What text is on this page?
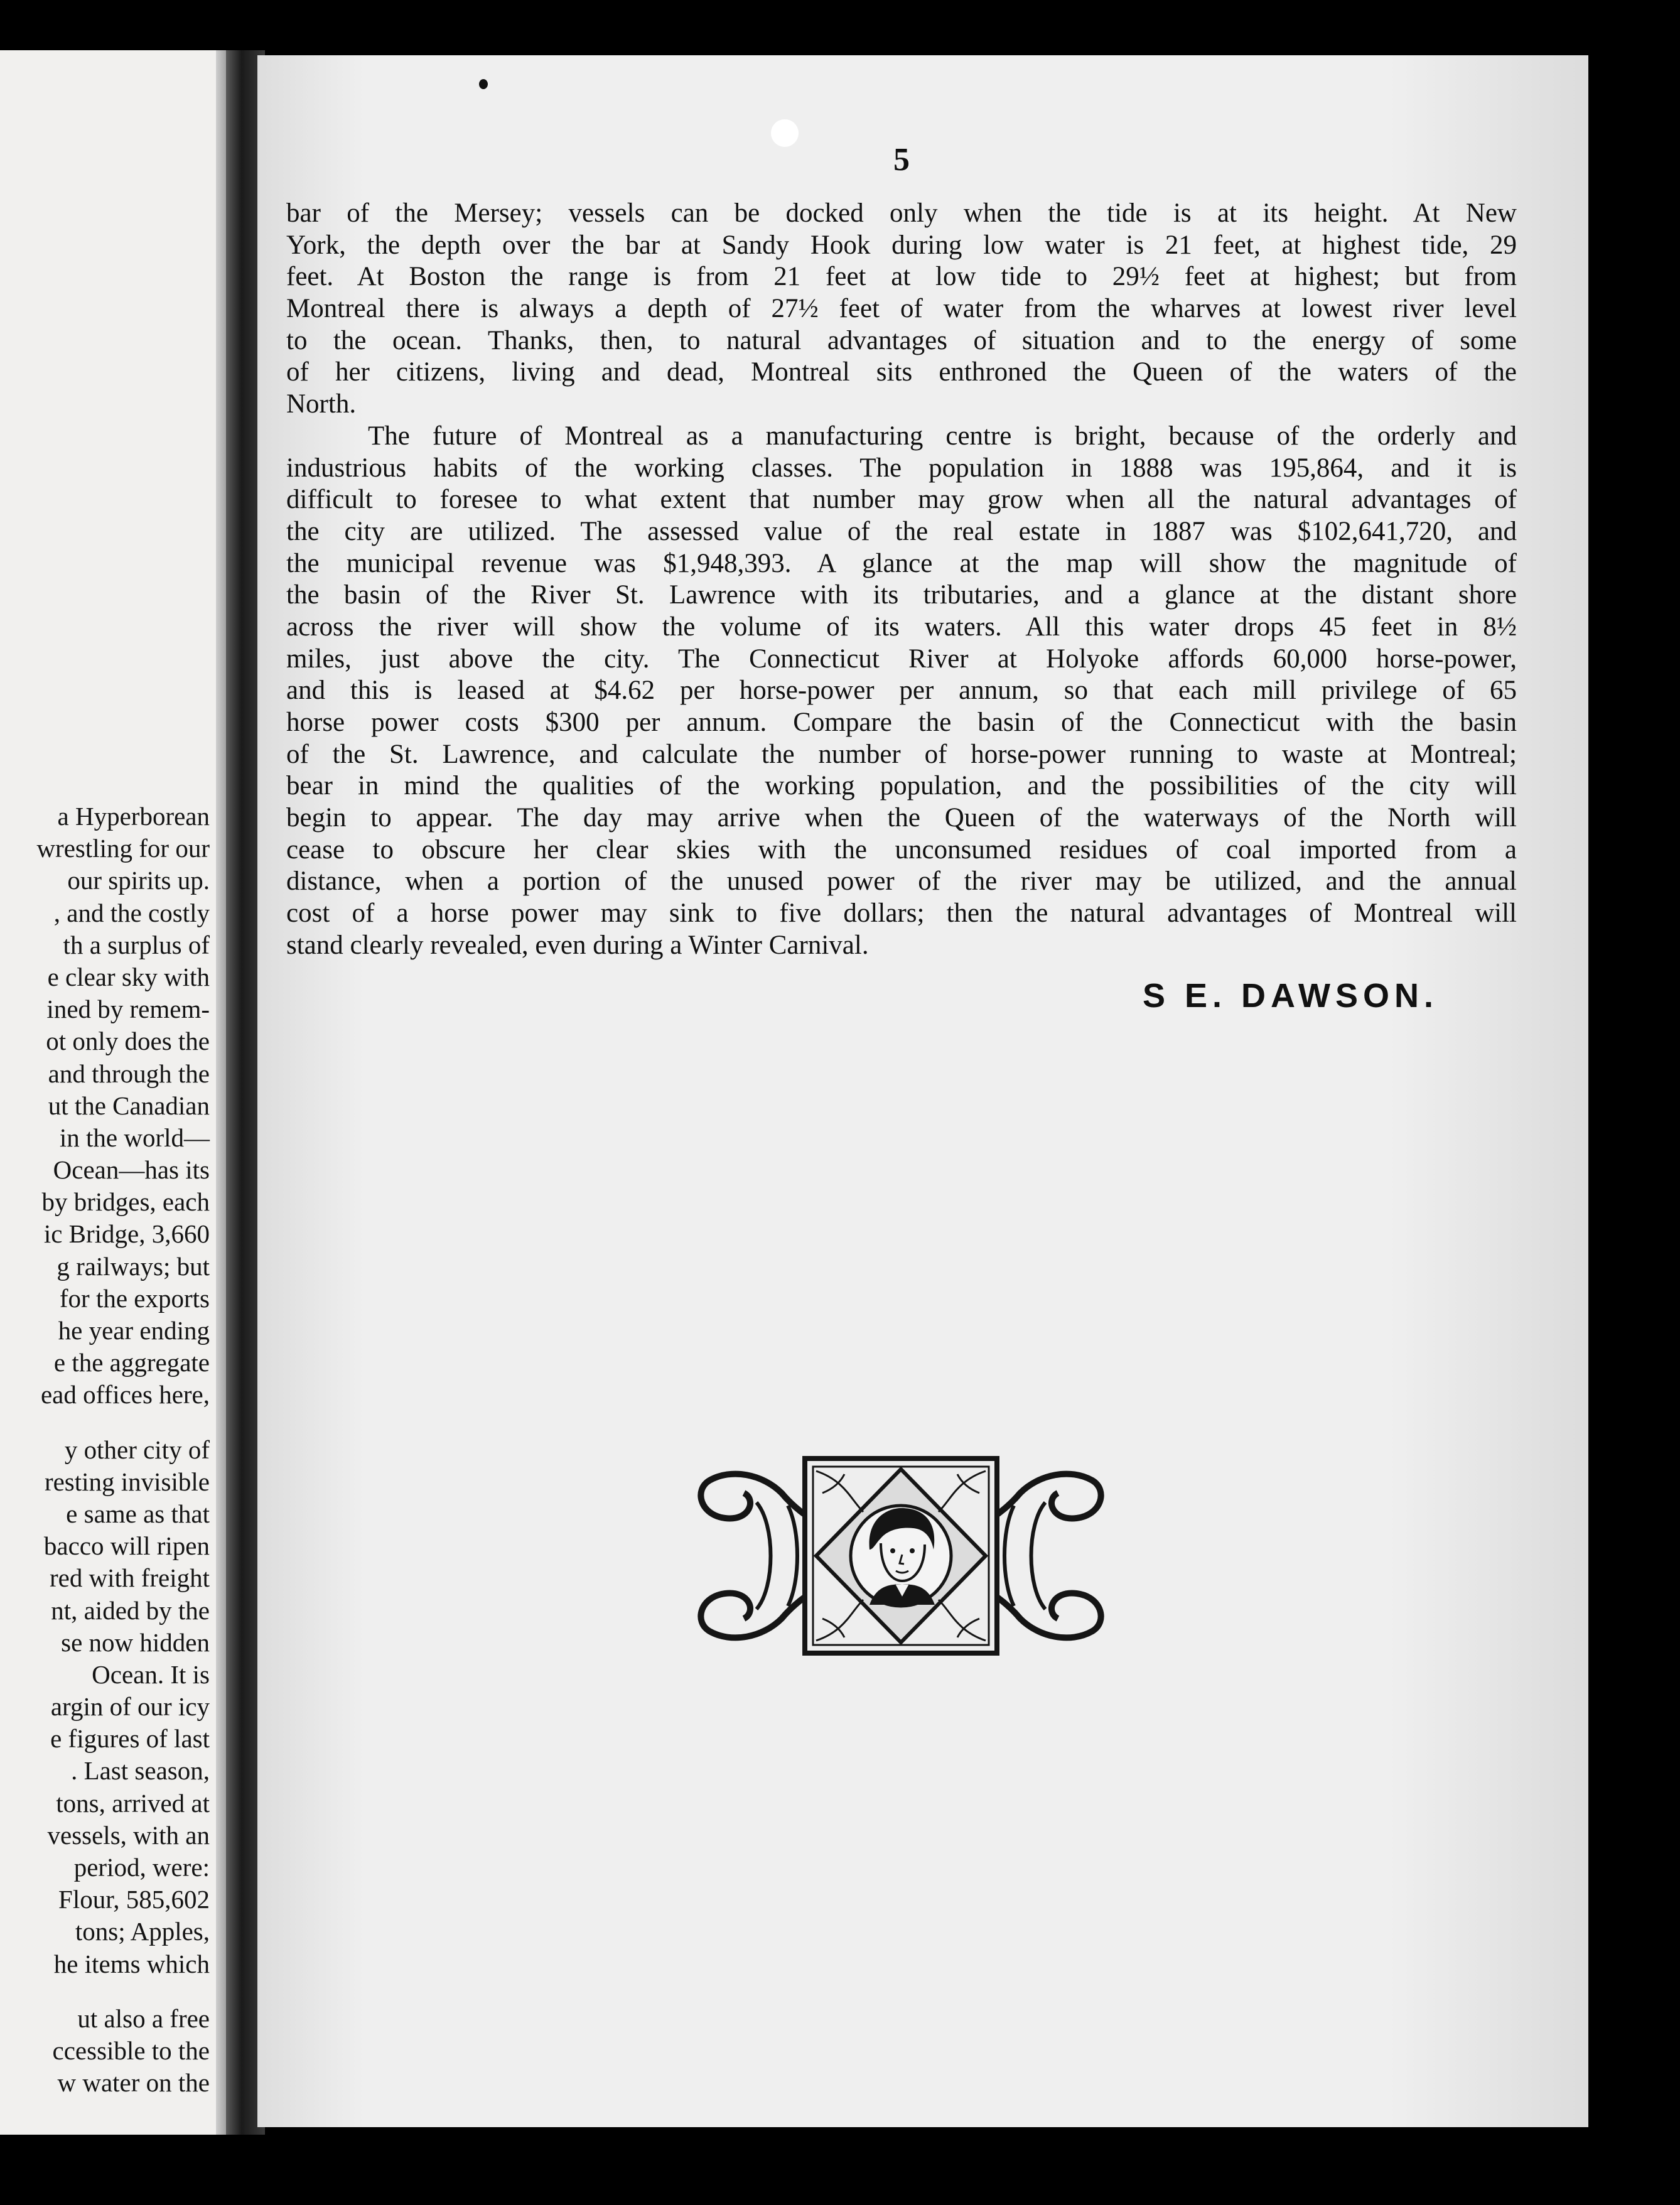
a Hyperborean
wrestling for our
our spirits up.
, and the costly
th a surplus of
e clear sky with
ined by remem-
ot only does the
and through the
ut the Canadian
in the world—
Ocean—has its
by bridges, each
ic Bridge, 3,660
g railways; but
for the exports
he year ending
e the aggregate
ead offices here,
y other city of
resting invisible
e same as that
bacco will ripen
red with freight
nt, aided by the
se now hidden
Ocean. It is
argin of our icy
e figures of last
. Last season,
tons, arrived at
vessels, with an
period, were:
Flour, 585,602
tons; Apples,
he items which
ut also a free
ccessible to the
w water on the
5
bar of the Mersey; vessels can be docked only when the tide is at its height. At New
York, the depth over the bar at Sandy Hook during low water is 21 feet, at highest tide, 29
feet. At Boston the range is from 21 feet at low tide to 29½ feet at highest; but from
Montreal there is always a depth of 27½ feet of water from the wharves at lowest river level
to the ocean. Thanks, then, to natural advantages of situation and to the energy of some
of her citizens, living and dead, Montreal sits enthroned the Queen of the waters of the
North.
The future of Montreal as a manufacturing centre is bright, because of the orderly and
industrious habits of the working classes. The population in 1888 was 195,864, and it is
difficult to foresee to what extent that number may grow when all the natural advantages of
the city are utilized. The assessed value of the real estate in 1887 was $102,641,720, and
the municipal revenue was $1,948,393. A glance at the map will show the magnitude of
the basin of the River St. Lawrence with its tributaries, and a glance at the distant shore
across the river will show the volume of its waters. All this water drops 45 feet in 8½
miles, just above the city. The Connecticut River at Holyoke affords 60,000 horse-power,
and this is leased at $4.62 per horse-power per annum, so that each mill privilege of 65
horse power costs $300 per annum. Compare the basin of the Connecticut with the basin
of the St. Lawrence, and calculate the number of horse-power running to waste at Montreal;
bear in mind the qualities of the working population, and the possibilities of the city will
begin to appear. The day may arrive when the Queen of the waterways of the North will
cease to obscure her clear skies with the unconsumed residues of coal imported from a
distance, when a portion of the unused power of the river may be utilized, and the annual
cost of a horse power may sink to five dollars; then the natural advantages of Montreal will
stand clearly revealed, even during a Winter Carnival.
S E. DAWSON.
